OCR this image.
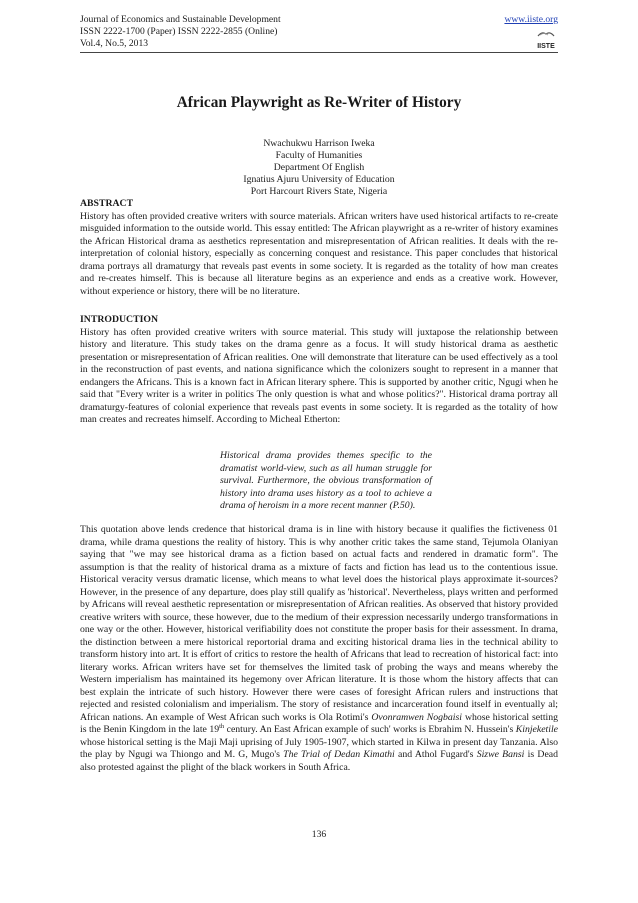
Journal of Economics and Sustainable Development
ISSN 2222-1700 (Paper) ISSN 2222-2855 (Online)
Vol.4, No.5, 2013
www.iiste.org
IISTE
African Playwright as Re-Writer of History
Nwachukwu Harrison Iweka
Faculty of Humanities
Department Of English
Ignatius Ajuru University of Education
Port Harcourt Rivers State, Nigeria
ABSTRACT
History has often provided creative writers with source materials. African writers have used historical artifacts to re-create misguided information to the outside world. This essay entitled: The African playwright as a re-writer of history examines the African Historical drama as aesthetics representation and misrepresentation of African realities. It deals with the re-interpretation of colonial history, especially as concerning conquest and resistance. This paper concludes that historical drama portrays all dramaturgy that reveals past events in some society. It is regarded as the totality of how man creates and re-creates himself. This is because all literature begins as an experience and ends as a creative work. However, without experience or history, there will be no literature.
INTRODUCTION
History has often provided creative writers with source material. This study will juxtapose the relationship between history and literature. This study takes on the drama genre as a focus. It will study historical drama as aesthetic presentation or misrepresentation of African realities. One will demonstrate that literature can be used effectively as a tool in the reconstruction of past events, and nationa significance which the colonizers sought to represent in a manner that endangers the Africans. This is a known fact in African literary sphere. This is supported by another critic, Ngugi when he said that "Every writer is a writer in politics The only question is what and whose politics?". Historical drama portray all dramaturgy-features of colonial experience that reveals past events in some society. It is regarded as the totality of how man creates and recreates himself. According to Micheal Etherton:
Historical drama provides themes specific to the dramatist world-view, such as all human struggle for survival. Furthermore, the obvious transformation of history into drama uses history as a tool to achieve a drama of heroism in a more recent manner (P.50).
This quotation above lends credence that historical drama is in line with history because it qualifies the fictiveness 01 drama, while drama questions the reality of history. This is why another critic takes the same stand, Tejumola Olaniyan saying that "we may see historical drama as a fiction based on actual facts and rendered in dramatic form". The assumption is that the reality of historical drama as a mixture of facts and fiction has lead us to the contentious issue. Historical veracity versus dramatic license, which means to what level does the historical plays approximate it-sources? However, in the presence of any departure, does play still qualify as 'historical'. Nevertheless, plays written and performed by Africans will reveal aesthetic representation or misrepresentation of African realities. As observed that history provided creative writers with source, these however, due to the medium of their expression necessarily undergo transformations in one way or the other. However, historical verifiability does not constitute the proper basis for their assessment. In drama, the distinction between a mere historical reportorial drama and exciting historical drama lies in the technical ability to transform history into art. It is effort of critics to restore the health of Africans that lead to recreation of historical fact: into literary works. African writers have set for themselves the limited task of probing the ways and means whereby the Western imperialism has maintained its hegemony over African literature. It is those whom the history affects that can best explain the intricate of such history. However there were cases of foresight African rulers and instructions that rejected and resisted colonialism and imperialism. The story of resistance and incarceration found itself in eventually al; African nations. An example of West African such works is Ola Rotimi's Ovonramwen Nogbaisi whose historical setting is the Benin Kingdom in the late 19th century. An East African example of such' works is Ebrahim N. Hussein's Kinjeketile whose historical setting is the Maji Maji uprising of July 1905-1907, which started in Kilwa in present day Tanzania. Also the play by Ngugi wa Thiongo and M. G, Mugo's The Trial of Dedan Kimathi and Athol Fugard's Sizwe Bansi is Dead also protested against the plight of the black workers in South Africa.
136
